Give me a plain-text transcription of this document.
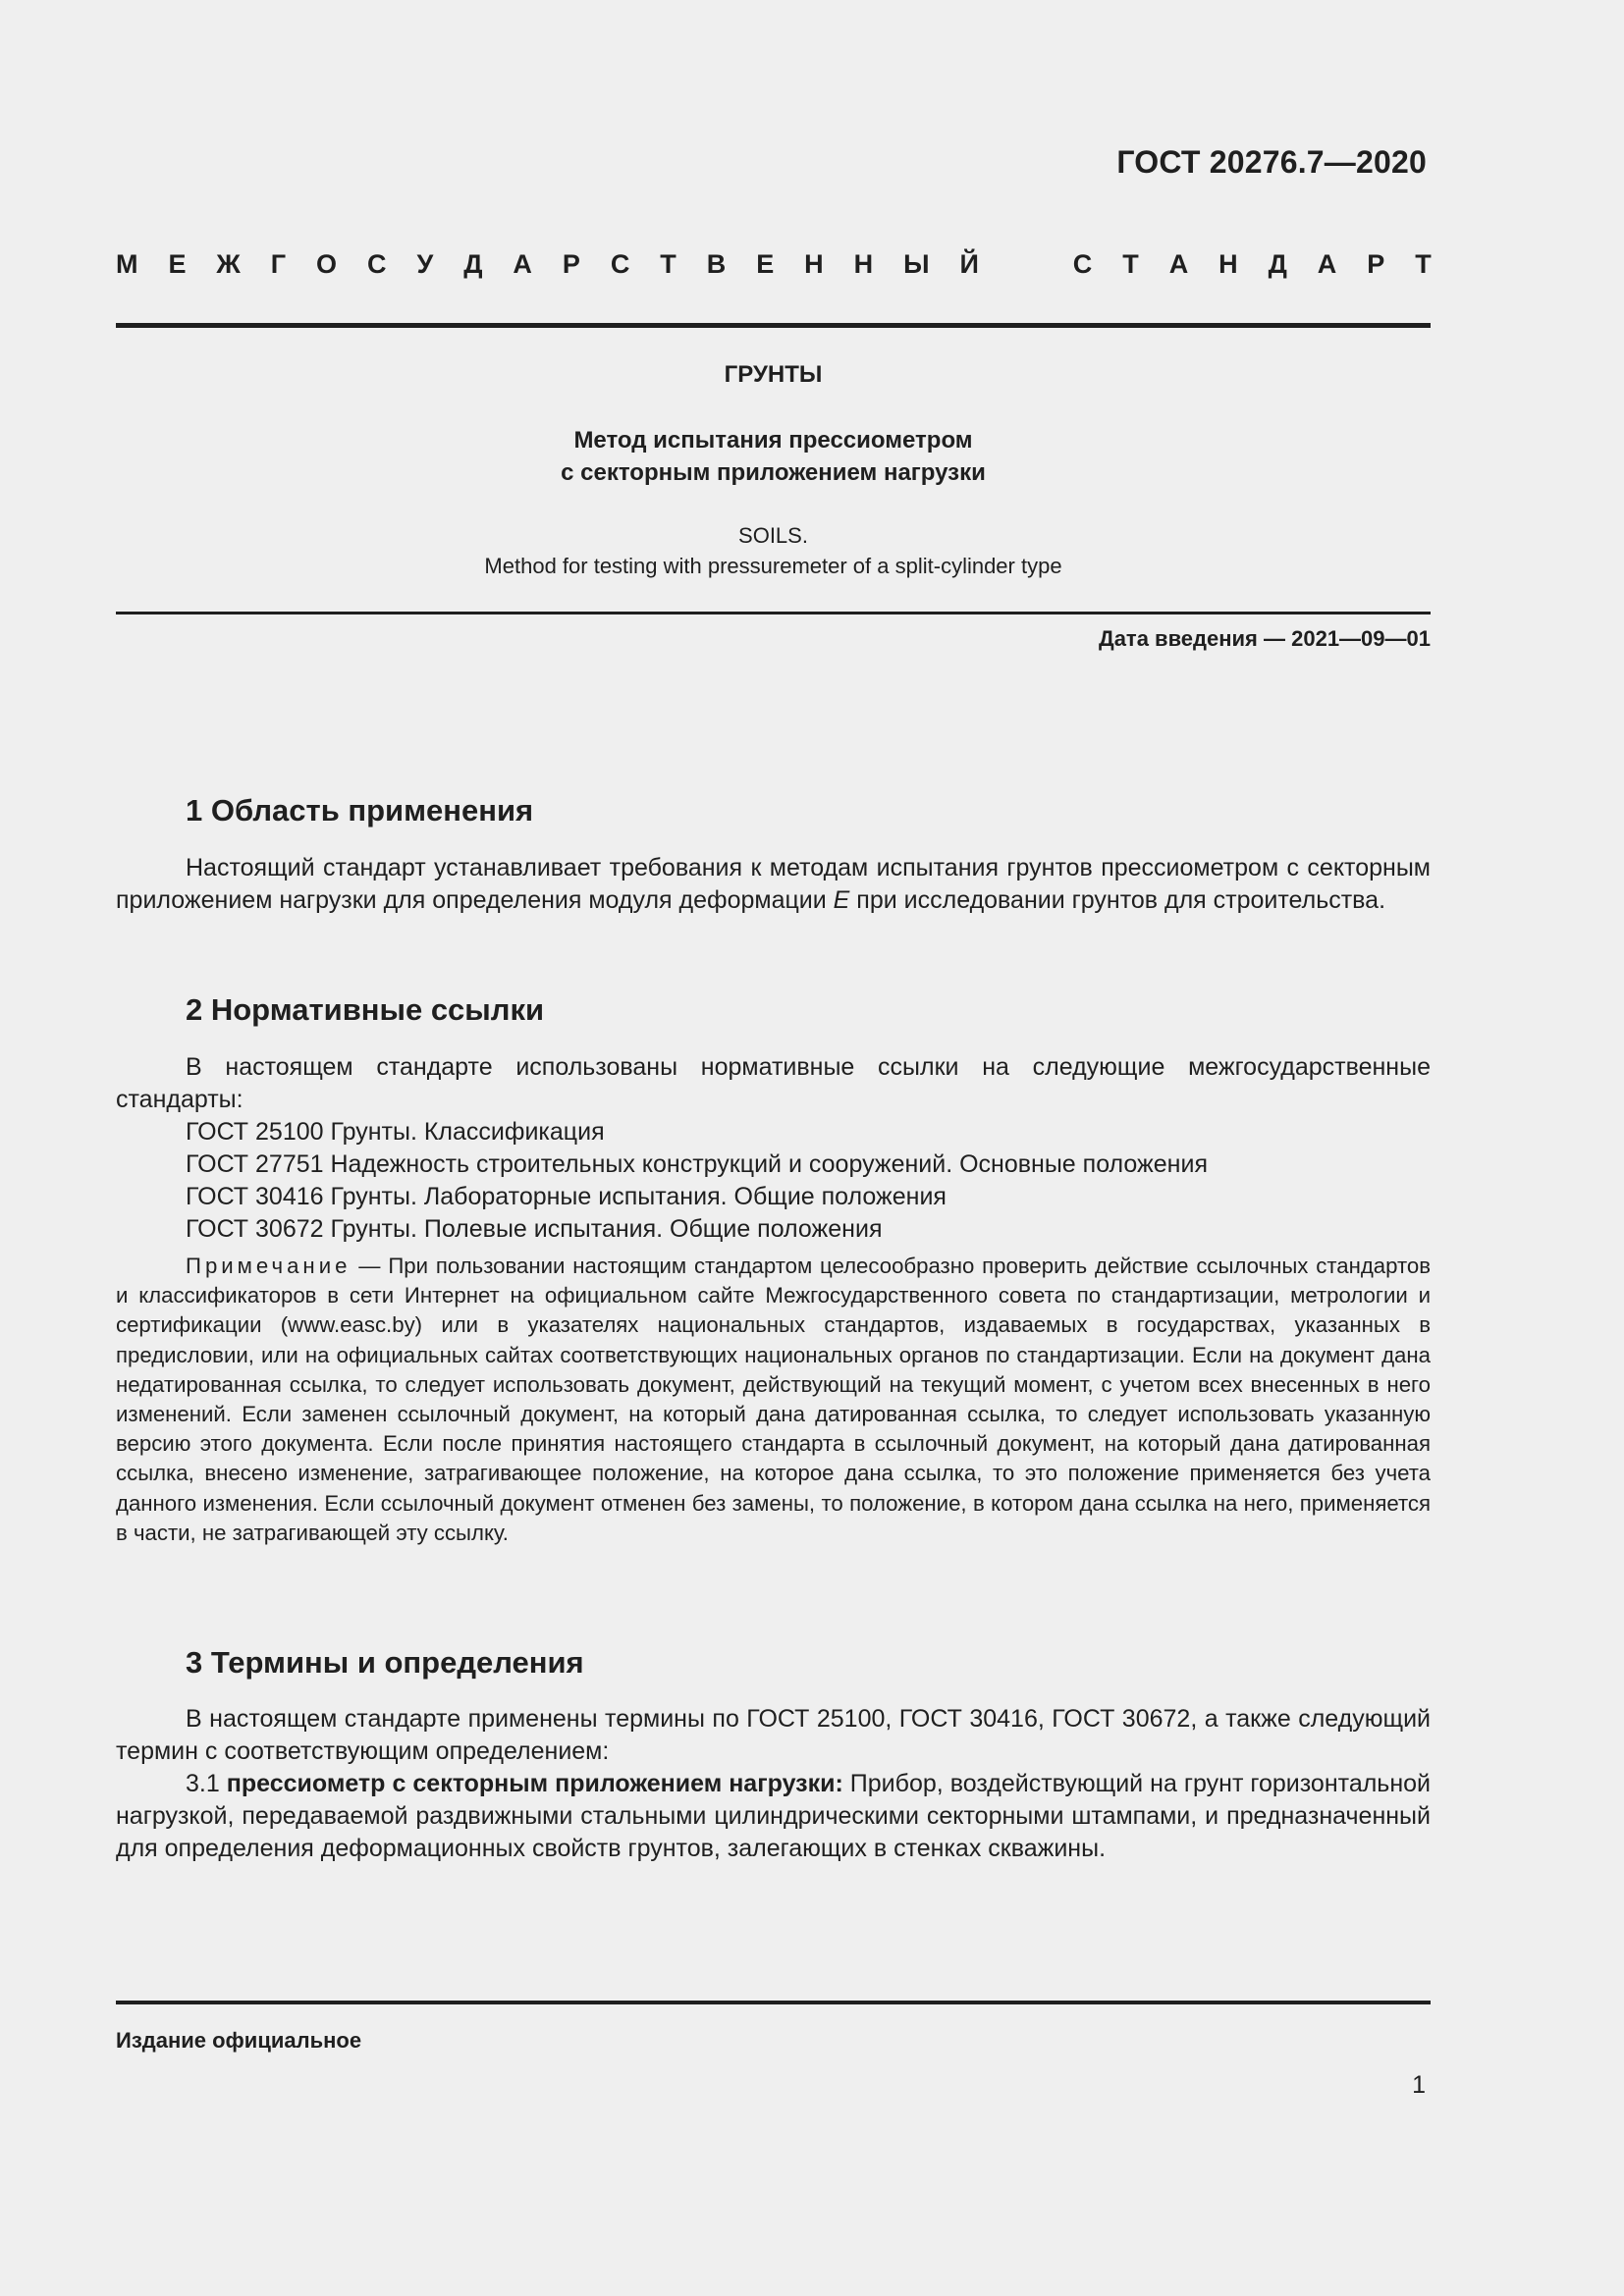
ГОСТ 20276.7—2020
М Е Ж Г О С У Д А Р С Т В Е Н Н Ы Й	С Т А Н Д А Р Т
ГРУНТЫ
Метод испытания прессиометром
с секторным приложением нагрузки
SOILS.
Method for testing with pressuremeter of a split-cylinder type
Дата введения — 2021—09—01
1 Область применения

Настоящий стандарт устанавливает требования к методам испытания грунтов прессиометром с секторным приложением нагрузки для определения модуля деформации E при исследовании грунтов для строительства.

2 Нормативные ссылки

В настоящем стандарте использованы нормативные ссылки на следующие межгосударственные стандарты:

ГОСТ 25100 Грунты. Классификация
ГОСТ 27751 Надежность строительных конструкций и сооружений. Основные положения
ГОСТ 30416 Грунты. Лабораторные испытания. Общие положения
ГОСТ 30672 Грунты. Полевые испытания. Общие положения

Примечание — При пользовании настоящим стандартом целесообразно проверить действие ссылочных стандартов и классификаторов в сети Интернет на официальном сайте Межгосударственного совета по стандартизации, метрологии и сертификации (www.easc.by) или в указателях национальных стандартов, издаваемых в государствах, указанных в предисловии, или на официальных сайтах соответствующих национальных органов по стандартизации. Если на документ дана недатированная ссылка, то следует использовать документ, действующий на текущий момент, с учетом всех внесенных в него изменений. Если заменен ссылочный документ, на который дана датированная ссылка, то следует использовать указанную версию этого документа. Если после принятия настоящего стандарта в ссылочный документ, на который дана датированная ссылка, внесено изменение, затрагивающее положение, на которое дана ссылка, то это положение применяется без учета данного изменения. Если ссылочный документ отменен без замены, то положение, в котором дана ссылка на него, применяется в части, не затрагивающей эту ссылку.

3 Термины и определения

В настоящем стандарте применены термины по ГОСТ 25100, ГОСТ 30416, ГОСТ 30672, а также следующий термин с соответствующим определением:

3.1 прессиометр с секторным приложением нагрузки: Прибор, воздействующий на грунт горизонтальной нагрузкой, передаваемой раздвижными стальными цилиндрическими секторными штампами, и предназначенный для определения деформационных свойств грунтов, залегающих в стенках скважины.

Издание официальное
1
